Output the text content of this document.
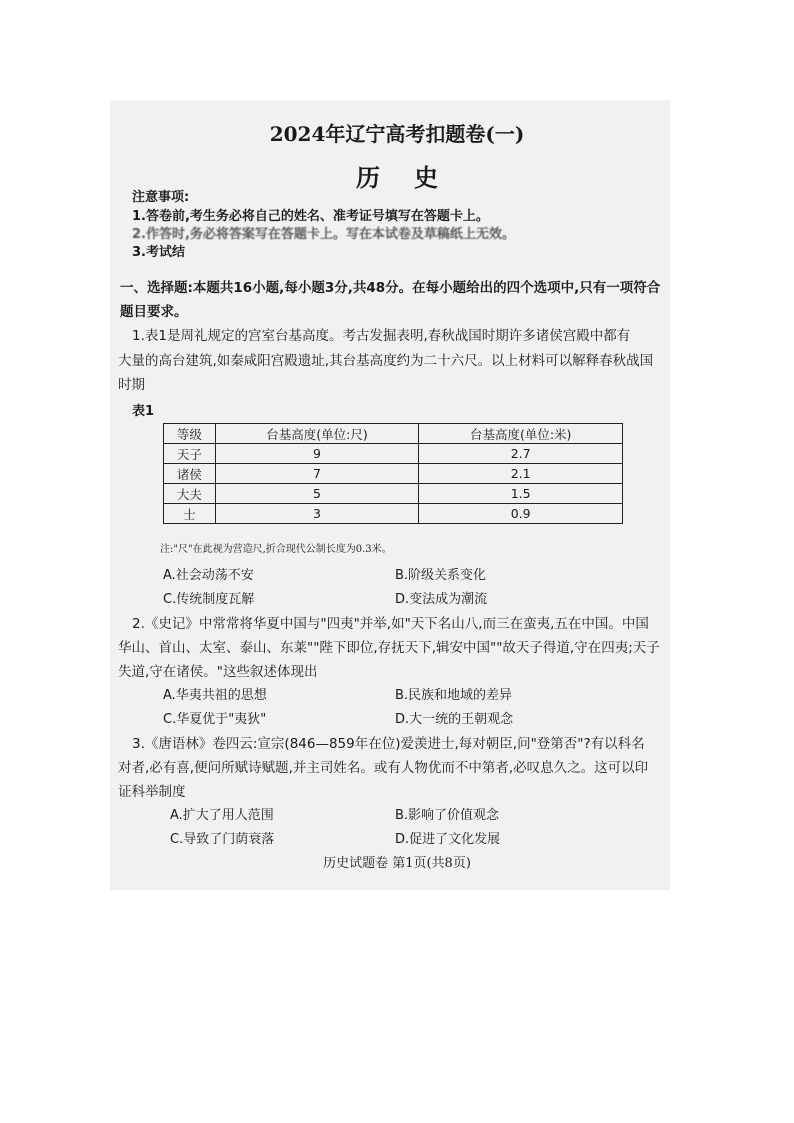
2024年辽宁高考扣题卷(一)
历史
注意事项:
1.答卷前,考生务必将自己的姓名、准考证号填写在答题卡上。
2.作答时,务必将答案写在答题卡上。写在本试卷及草稿纸上无效。
3.考试结
一、选择题:本题共16小题,每小题3分,共48分。在每小题给出的四个选项中,只有一项符合
题目要求。
1.表1是周礼规定的宫室台基高度。考古发掘表明,春秋战国时期许多诸侯宫殿中都有
大量的高台建筑,如秦咸阳宫殿遗址,其台基高度约为二十六尺。以上材料可以解释春秋战国
时期
表1
等级	台基高度(单位:尺)	台基高度(单位:米)
天子	9	2.7
诸侯	7	2.1
大夫	5	1.5
士	3	0.9
注:"尺"在此视为营造尺,折合现代公制长度为0.3米。
A.社会动荡不安	B.阶级关系变化
C.传统制度瓦解	D.变法成为潮流
2.《史记》中常常将华夏中国与"四夷"并举,如"天下名山八,而三在蛮夷,五在中国。中国
华山、首山、太室、泰山、东莱""陛下即位,存抚天下,辑安中国""故天子得道,守在四夷;天子
失道,守在诸侯。"这些叙述体现出
A.华夷共祖的思想	B.民族和地域的差异
C.华夏优于"夷狄"	D.大一统的王朝观念
3.《唐语林》卷四云:宣宗(846—859年在位)爱羡进士,每对朝臣,问"登第否"?有以科名
对者,必有喜,便问所赋诗赋题,并主司姓名。或有人物优而不中第者,必叹息久之。这可以印
证科举制度
A.扩大了用人范围	B.影响了价值观念
C.导致了门荫衰落	D.促进了文化发展
历史试题卷 第1页(共8页)
